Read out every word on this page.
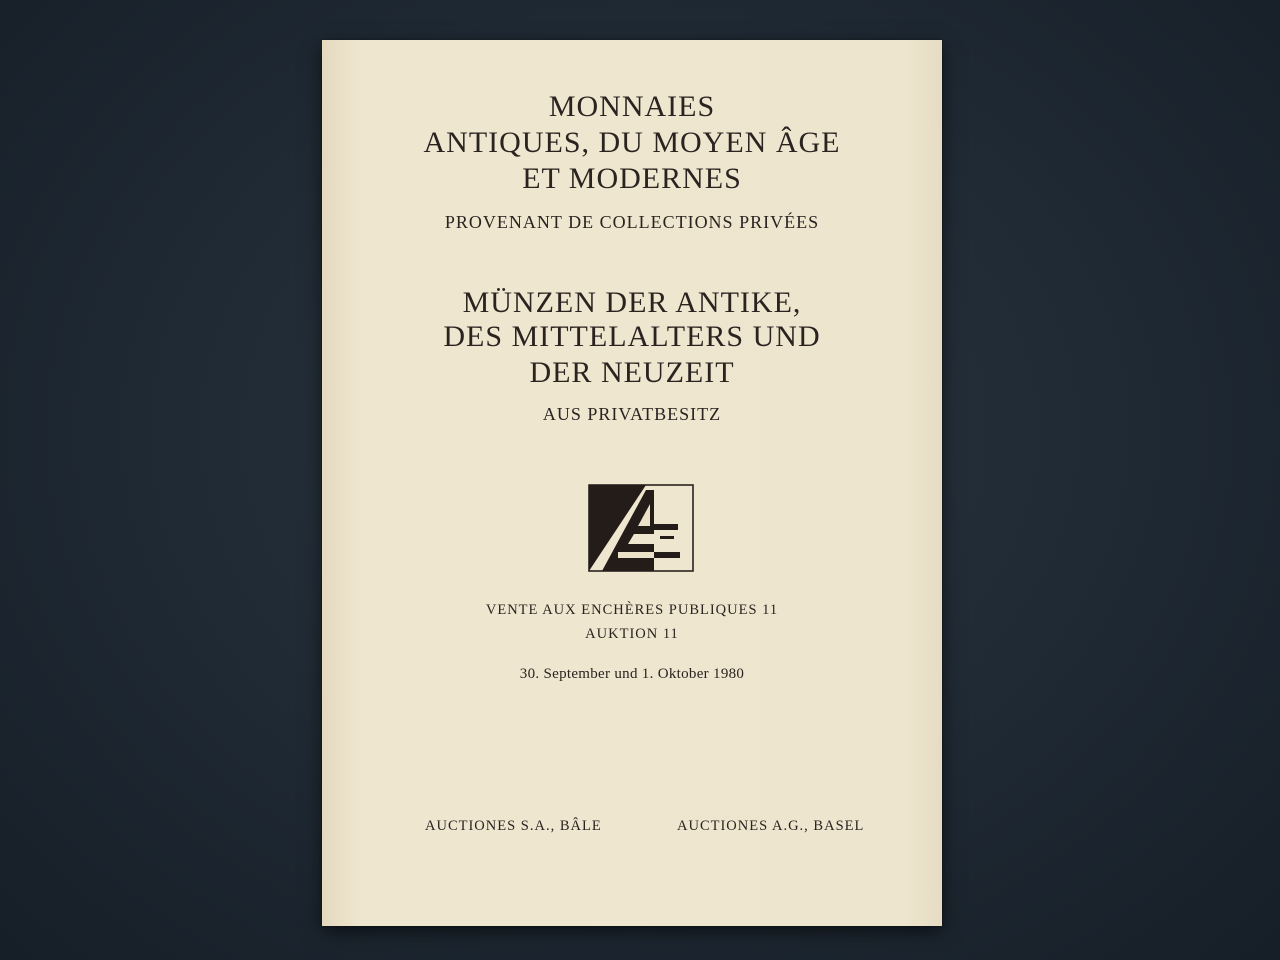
MONNAIES
ANTIQUES, DU MOYEN ÂGE
ET MODERNES
PROVENANT DE COLLECTIONS PRIVÉES
MÜNZEN DER ANTIKE,
DES MITTELALTERS UND
DER NEUZEIT
AUS PRIVATBESITZ
VENTE AUX ENCHÈRES PUBLIQUES 11
AUKTION 11
30. September und 1. Oktober 1980
AUCTIONES S.A., BÂLE	AUCTIONES A.G., BASEL
